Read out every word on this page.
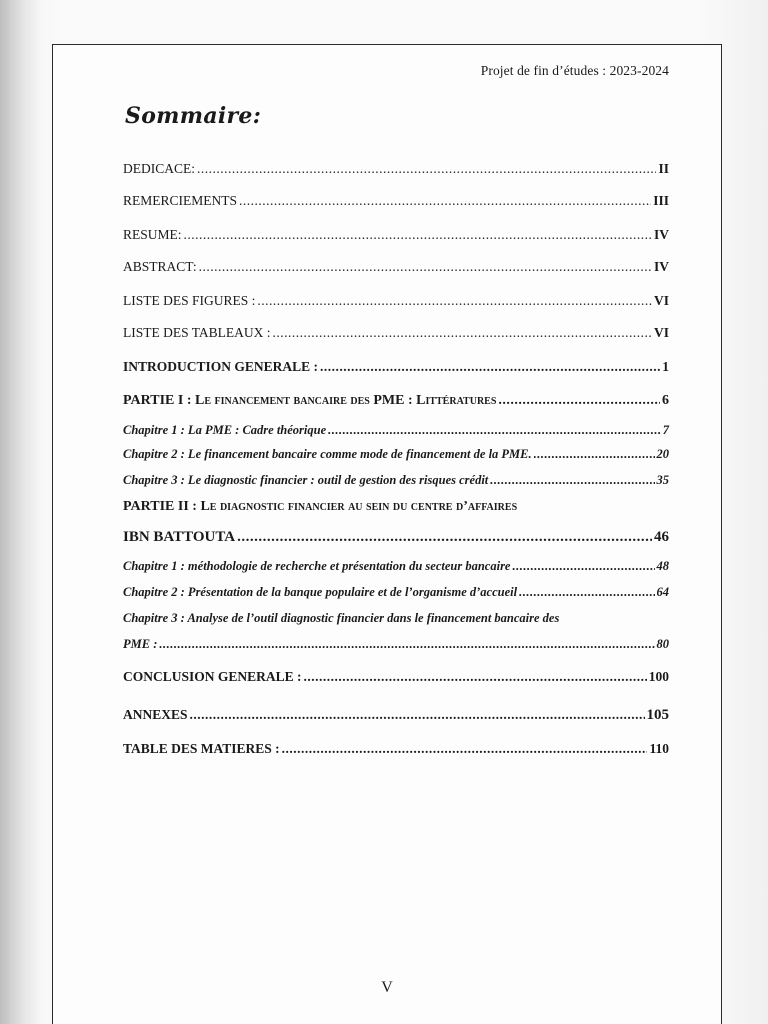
Projet de fin d’études : 2023-2024
Sommaire:
DEDICACE: .....	II
REMERCIEMENTS .....	III
RESUME: .....	IV
ABSTRACT: .....	IV
LISTE DES FIGURES : .....	VI
LISTE DES TABLEAUX : .....	VI
INTRODUCTION GENERALE : .....	1
PARTIE I : Le financement bancaire des PME : Littératures .....	6
Chapitre 1 : La PME : Cadre théorique .....	7
Chapitre 2 : Le financement bancaire comme mode de financement de la PME. .....	20
Chapitre 3 : Le diagnostic financier : outil de gestion des risques crédit .....	35
PARTIE II : Le diagnostic financier au sein du centre d’affaires
IBN BATTOUTA .....	46
Chapitre 1 : méthodologie de recherche et présentation du secteur bancaire .....	48
Chapitre 2 : Présentation de la banque populaire et de l’organisme d’accueil .....	64
Chapitre 3 : Analyse de l’outil diagnostic financier dans le financement bancaire des
PME : .....	80
CONCLUSION GENERALE : .....	100
ANNEXES .....	105
TABLE DES MATIERES : .....	110
V
